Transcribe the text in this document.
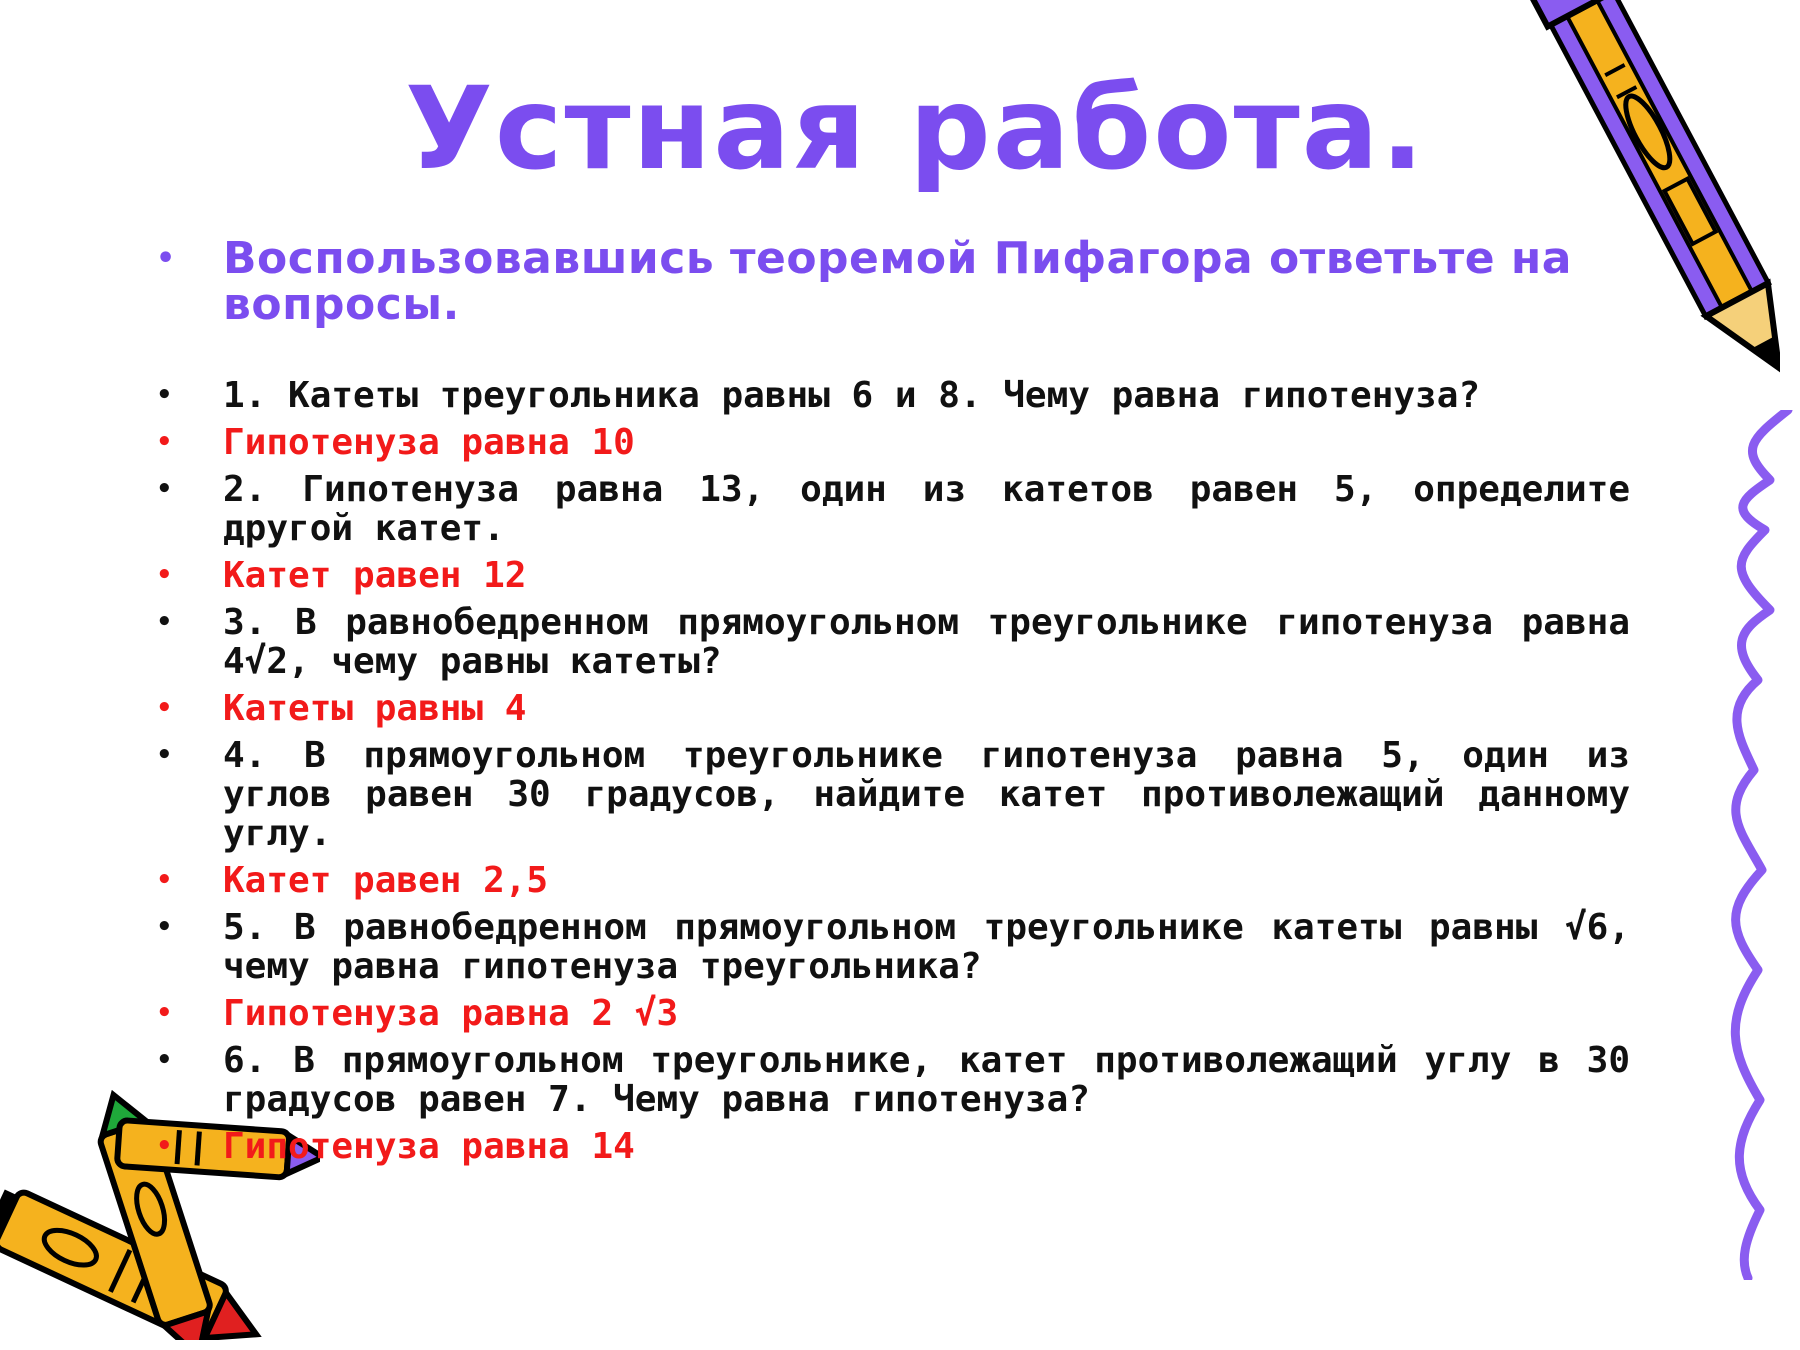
Устная работа.
• Воспользовавшись теоремой Пифагора ответьте на вопросы.
• 1. Катеты треугольника равны 6 и 8. Чему равна гипотенуза?
• Гипотенуза равна 10
• 2. Гипотенуза равна 13, один из катетов равен 5, определите другой катет.
• Катет равен 12
• 3. В равнобедренном прямоугольном треугольнике гипотенуза равна 4√2, чему равны катеты?
• Катеты равны 4
• 4. В прямоугольном треугольнике гипотенуза равна 5, один из углов равен 30 градусов, найдите катет противолежащий данному углу.
• Катет равен 2,5
• 5. В равнобедренном прямоугольном треугольнике катеты равны √6, чему равна гипотенуза треугольника?
• Гипотенуза равна 2 √3
• 6. В прямоугольном треугольнике, катет противолежащий углу в 30 градусов равен 7. Чему равна гипотенуза?
• Гипотенуза равна 14
